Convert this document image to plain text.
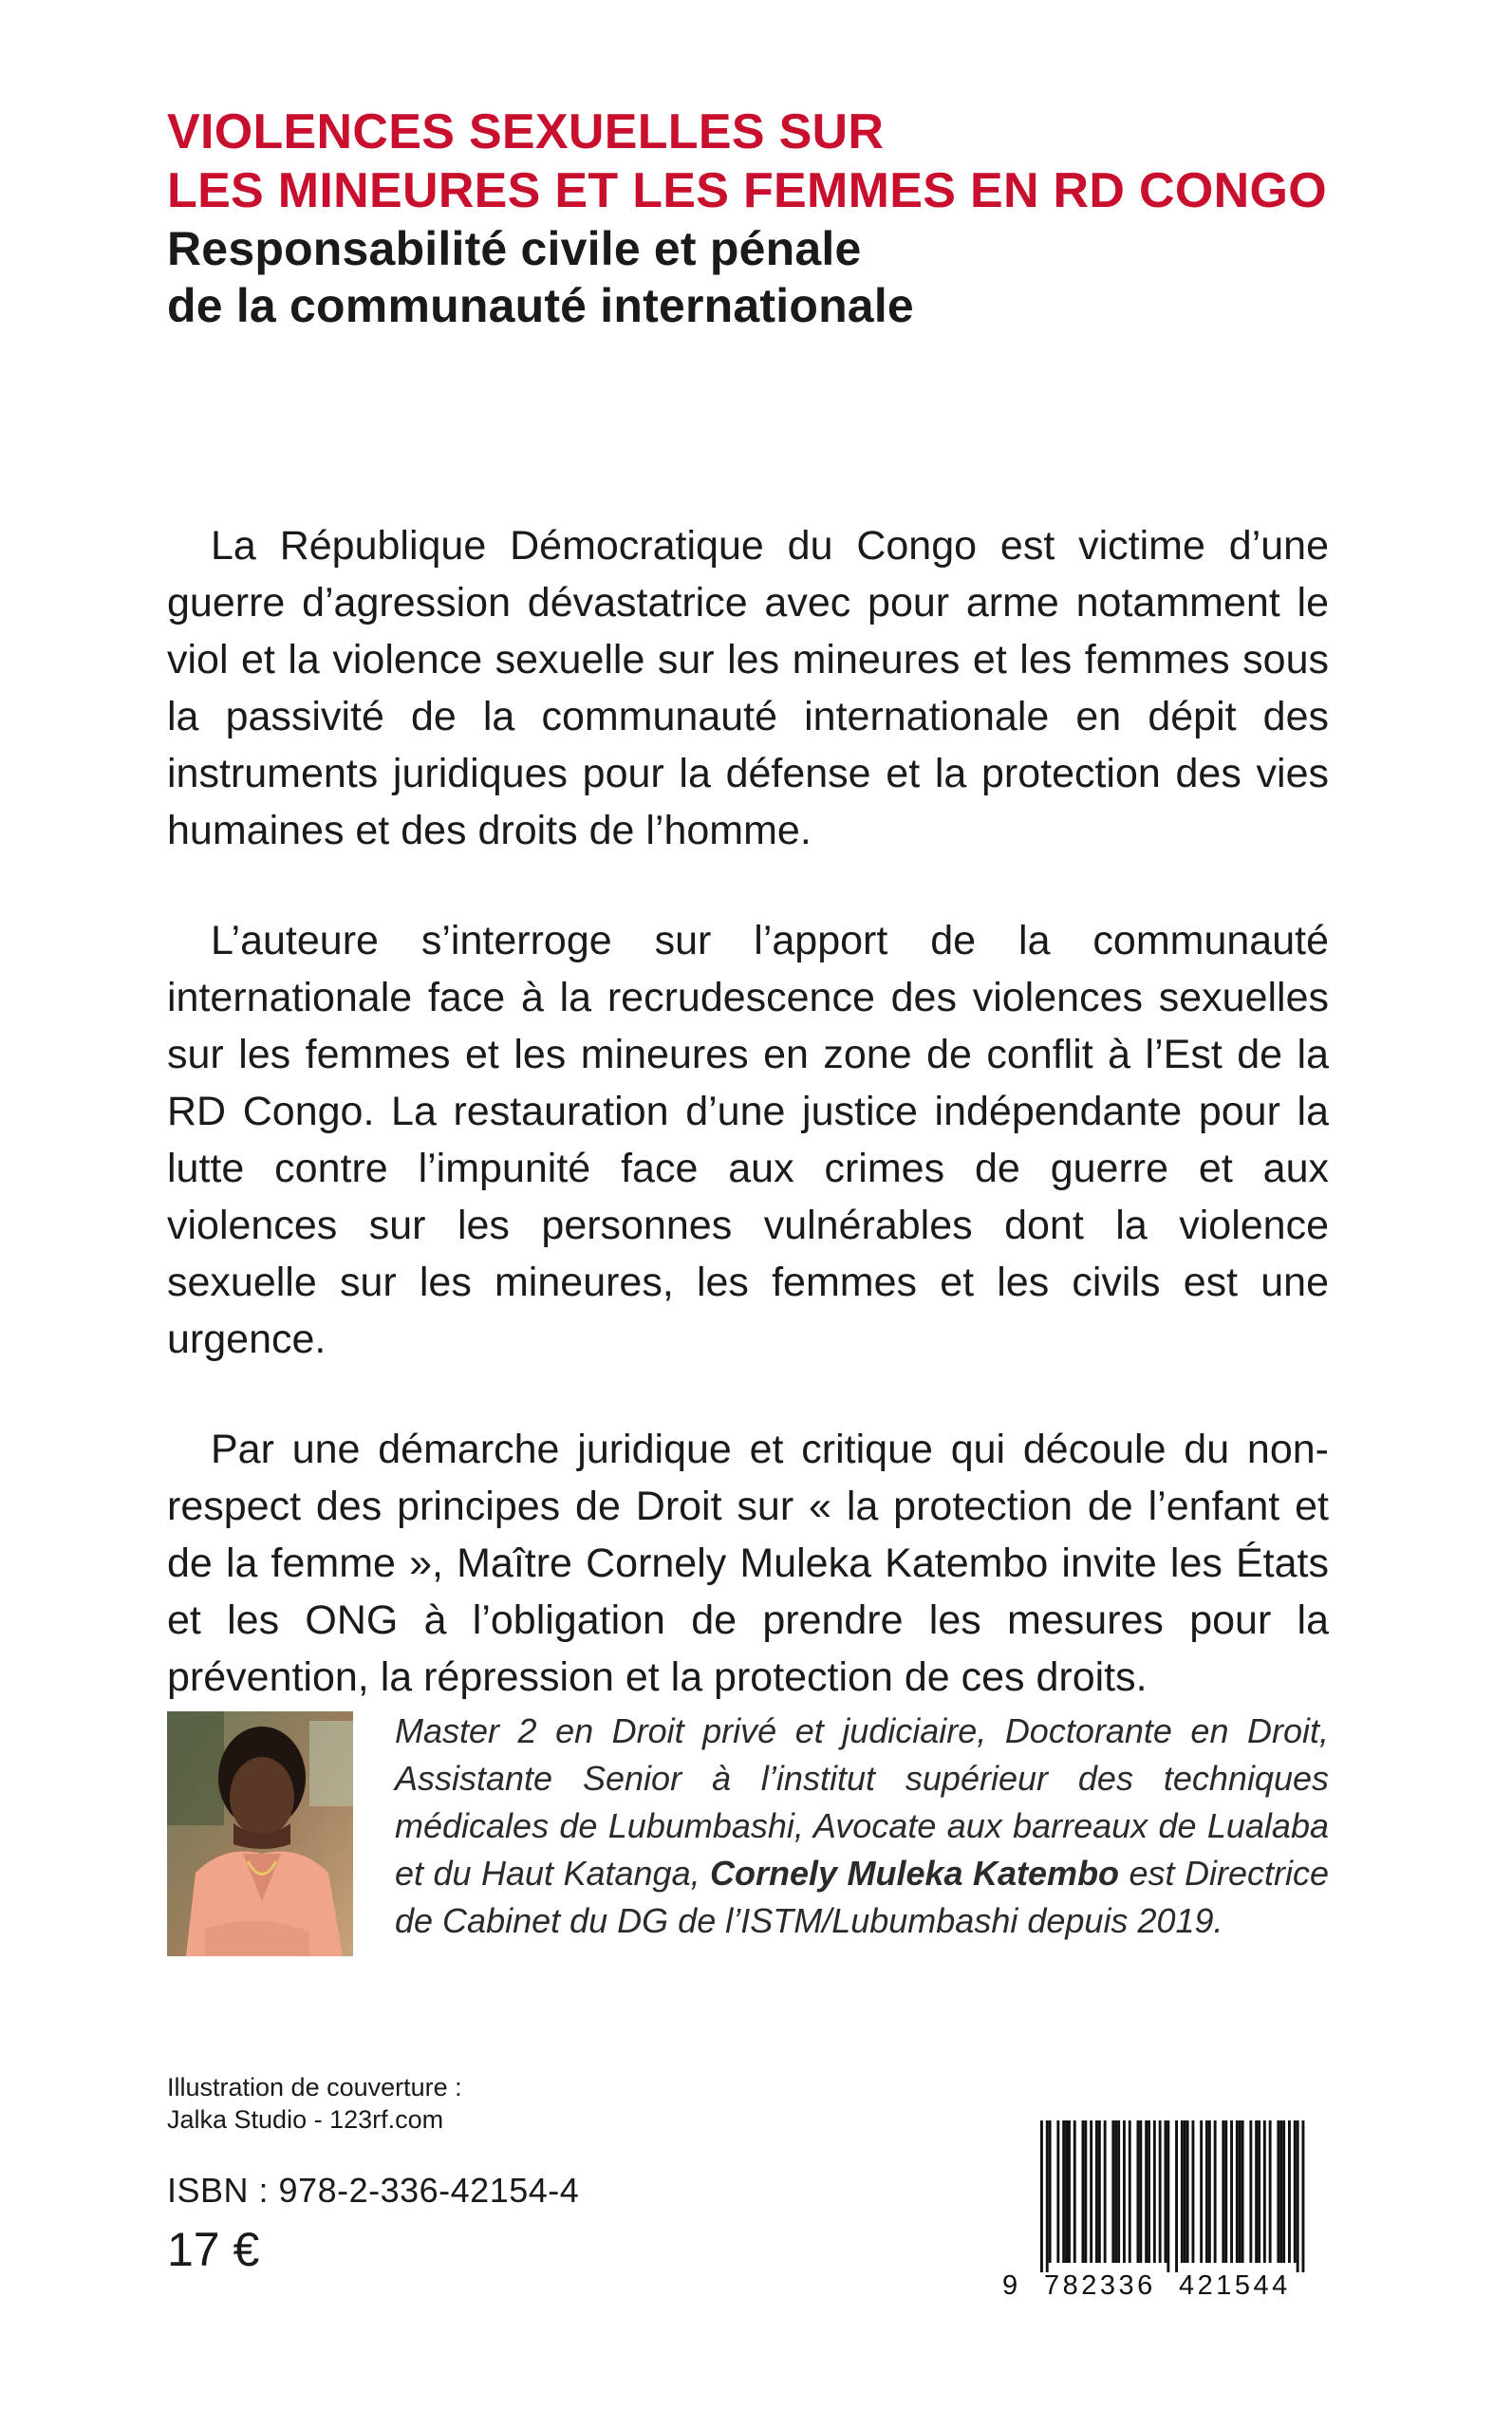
VIOLENCES SEXUELLES SUR

LES MINEURES ET LES FEMMES EN RD CONGO

Responsabilité civile et pénale

de la communauté internationale

La République Démocratique du Congo est victime d’une guerre d’agression dévastatrice avec pour arme notamment le viol et la violence sexuelle sur les mineures et les femmes sous la passivité de la communauté internationale en dépit des instruments juridiques pour la défense et la protection des vies humaines et des droits de l’homme.

L’auteure s’interroge sur l’apport de la communauté internationale face à la recrudescence des violences sexuelles sur les femmes et les mineures en zone de conflit à l’Est de la RD Congo. La restauration d’une justice indépendante pour la lutte contre l’impunité face aux crimes de guerre et aux violences sur les personnes vulnérables dont la violence sexuelle sur les mineures, les femmes et les civils est une urgence.

Par une démarche juridique et critique qui découle du non-respect des principes de Droit sur « la protection de l’enfant et de la femme », Maître Cornely Muleka Katembo invite les États et les ONG à l’obligation de prendre les mesures pour la prévention, la répression et la protection de ces droits.

Master 2 en Droit privé et judiciaire, Doctorante en Droit, Assistante Senior à l’institut supérieur des techniques médicales de Lubumbashi, Avocate aux barreaux de Lualaba et du Haut Katanga, Cornely Muleka Katembo est Directrice de Cabinet du DG de l’ISTM/Lubumbashi depuis 2019.

Illustration de couverture :
Jalka Studio - 123rf.com
ISBN : 978-2-336-42154-4
17 €
9 782336 421544
